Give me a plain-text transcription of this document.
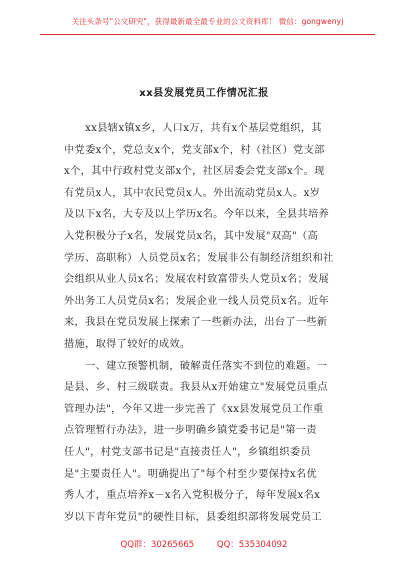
关注头条号"公文研究"，获得最新最全最专业的公文资料库！ 微信：gongwenyj
xx县发展党员工作情况汇报
　　xx县辖x镇x乡，人口x万，共有x个基层党组织，其
中党委x个，党总支x个，党支部x个，村（社区）党支部
x个，其中行政村党支部x个，社区居委会党支部x个。现
有党员x人，其中农民党员x人。外出流动党员x人。x岁
及以下x名，大专及以上学历x名。今年以来，全县共培养
入党积极分子x名，发展党员x名，其中发展"双高"（高
学历、高职称）人员党员x名；发展非公有制经济组织和社
会组织从业人员x名；发展农村致富带头人党员x名；发展
外出务工人员党员x名；发展企业一线人员党员x名。近年
来，我县在党员发展上探索了一些新办法，出台了一些新
措施，取得了较好的成效。
　　一、建立预警机制，破解责任落实不到位的难题。一
是县、乡、村三级联责。我县从x开始建立"发展党员重点
管理办法"，今年又进一步完善了《xx县发展党员工作重
点管理暂行办法》，进一步明确乡镇党委书记是"第一责
任人"，村党支部书记是"直接责任人"，乡镇组织委员
是"主要责任人"。明确提出了"每个村至少要保持x名优
秀人才，重点培养x－x名入党积极分子，每年发展x名x
岁以下青年党员"的硬性目标，县委组织部将发展党员工
QQ群：30265665	QQ：535304092
